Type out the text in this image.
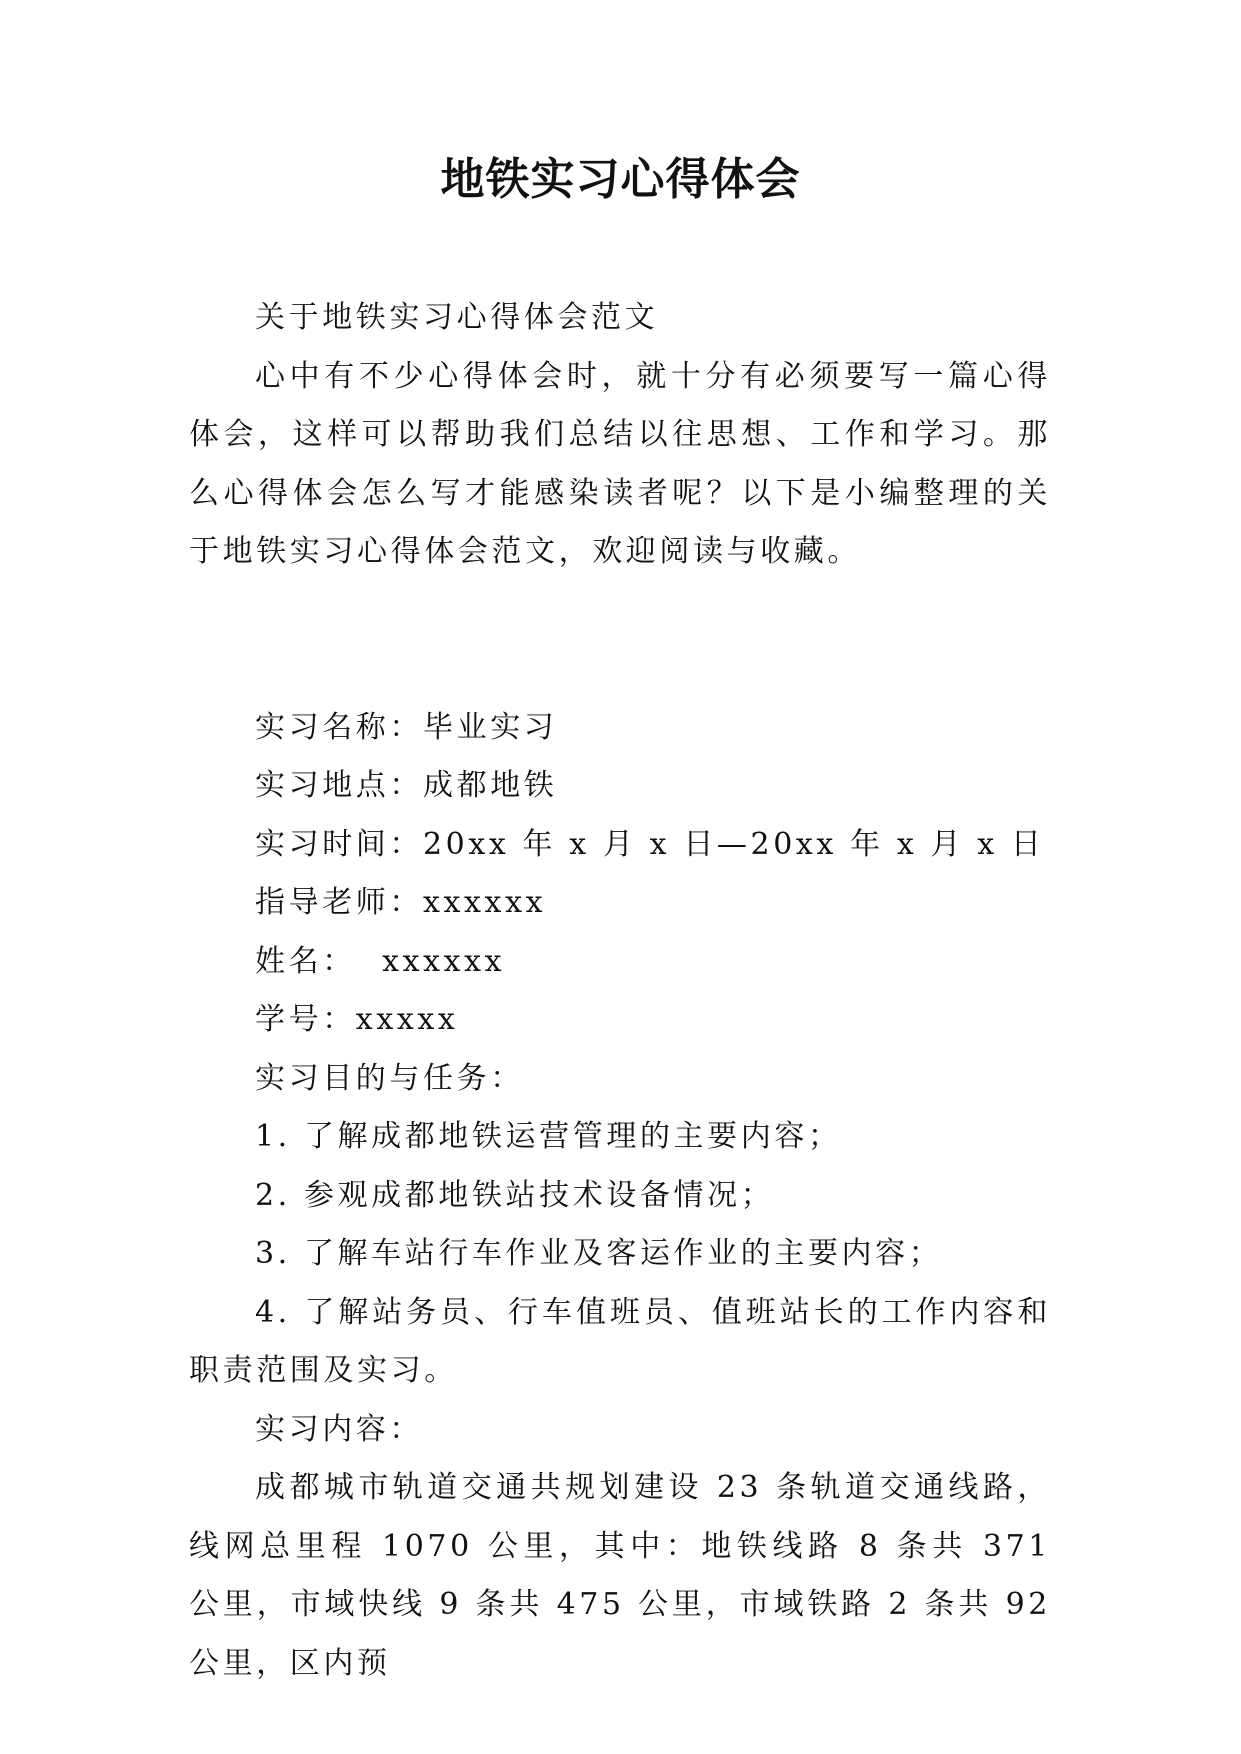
地铁实习心得体会

关于地铁实习心得体会范文

心中有不少心得体会时，就十分有必须要写一篇心得体会，这样可以帮助我们总结以往思想、工作和学习。那么心得体会怎么写才能感染读者呢？以下是小编整理的关于地铁实习心得体会范文，欢迎阅读与收藏。

实习名称：毕业实习

实习地点：成都地铁

实习时间：20xx 年 x 月 x 日—20xx 年 x 月 x 日

指导老师：xxxxxx

姓名：  xxxxxx

学号：xxxxx

实习目的与任务：

1. 了解成都地铁运营管理的主要内容；

2. 参观成都地铁站技术设备情况；

3. 了解车站行车作业及客运作业的主要内容；

4. 了解站务员、行车值班员、值班站长的工作内容和职责范围及实习。

实习内容：

成都城市轨道交通共规划建设 23 条轨道交通线路，线网总里程 1070 公里，其中：地铁线路 8 条共 371 公里，市域快线 9 条共 475 公里，市域铁路 2 条共 92 公里，区内预
